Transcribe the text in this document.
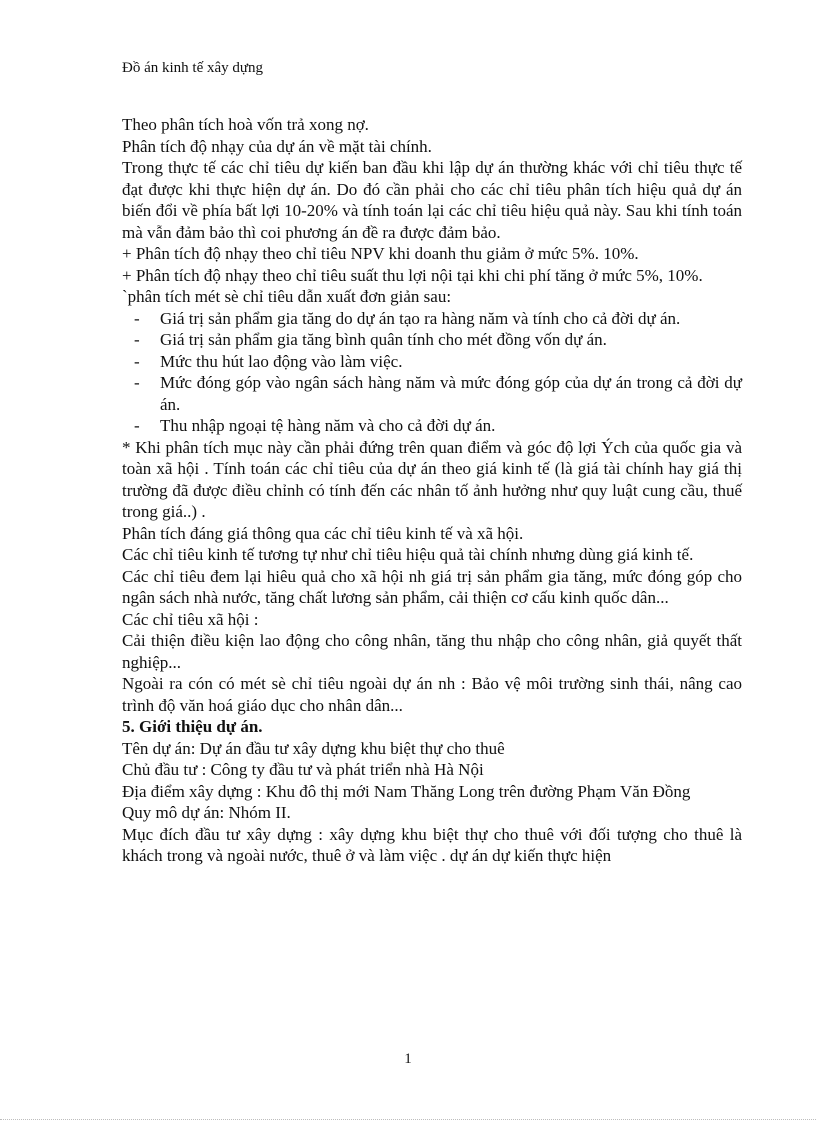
Đồ án kinh tế xây dựng

Theo phân tích hoà vốn trả xong nợ.

Phân tích độ nhạy của dự án về mặt tài chính.

Trong thực tế các chỉ tiêu dự kiến ban đầu khi lập dự án thường khác với chỉ tiêu thực tế đạt được khi thực hiện dự án. Do đó cần phải cho các chỉ tiêu phân tích hiệu quả dự án biến đổi về phía bất lợi 10-20% và tính toán lại các chỉ tiêu hiệu quả này. Sau khi tính toán mà vẫn đảm bảo thì coi phương án đề ra được đảm bảo.

+ Phân tích độ nhạy theo chỉ tiêu NPV khi doanh thu giảm ở mức 5%. 10%.

+ Phân tích độ nhạy theo chỉ tiêu suất thu lợi nội tại khi chi phí tăng ở mức 5%, 10%.

`phân tích mét sè chỉ tiêu dẫn xuất đơn giản sau:

- Giá trị sản phẩm gia tăng do dự án tạo ra hàng năm và tính cho cả đời dự án.
- Giá trị sản phẩm gia tăng bình quân tính cho mét đồng vốn dự án.
- Mức thu hút lao động vào làm việc.
- Mức đóng góp vào ngân sách hàng năm và mức đóng góp của dự án trong cả đời dự án.
- Thu nhập ngoại tệ hàng năm và cho cả đời dự án.

* Khi phân tích mục này cần phải đứng trên quan điểm và góc độ lợi Ých của quốc gia và toàn xã hội . Tính toán các chỉ tiêu của dự án theo giá kinh tế (là giá tài chính hay giá thị trường đã được điều chỉnh có tính đến các nhân tố ảnh hưởng như quy luật cung cầu, thuế trong giá..) .

Phân tích đáng giá thông qua các chỉ tiêu kinh tế và xã hội.

Các chỉ tiêu kinh tế tương tự như chỉ tiêu hiệu quả tài chính nhưng dùng giá kinh tế.

Các chỉ tiêu đem lại hiêu quả cho xã hội nh giá trị sản phẩm gia tăng, mức đóng góp cho ngân sách nhà nước, tăng chất lương sản phẩm, cải thiện cơ cấu kinh quốc dân...

Các chỉ tiêu xã hội :

Cải thiện điều kiện lao động cho công nhân, tăng thu nhập cho công nhân, giả quyết thất nghiệp...

Ngoài ra cón có mét sè chỉ tiêu ngoài dự án nh : Bảo vệ môi trường sinh thái, nâng cao trình độ văn hoá giáo dục cho nhân dân...

5. Giới thiệu dự án.

Tên dự án: Dự án đầu tư xây dựng khu biệt thự cho thuê

Chủ đầu tư : Công ty đầu tư và phát triển nhà Hà Nội

Địa điểm xây dựng : Khu đô thị mới Nam Thăng Long trên đường Phạm Văn Đồng

Quy mô dự án: Nhóm II.

Mục đích đầu tư xây dựng : xây dựng khu biệt thự cho thuê với đối tượng cho thuê là khách trong và ngoài nước, thuê ở và làm việc . dự án dự kiến thực hiện

1
